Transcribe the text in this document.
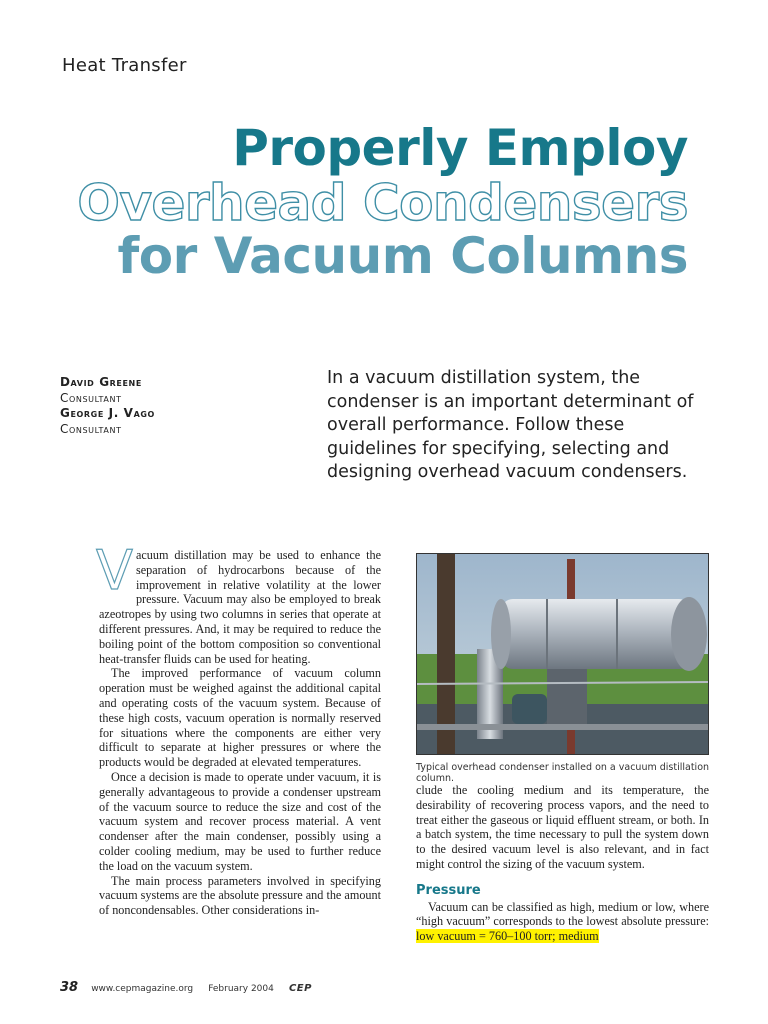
Heat Transfer
Properly Employ
Overhead Condensers
for Vacuum Columns
David Greene
Consultant
George J. Vago
Consultant
In a vacuum distillation system, the condenser is an important determinant of overall performance. Follow these guidelines for specifying, selecting and designing overhead vacuum condensers.

Vacuum distillation may be used to enhance the separation of hydrocarbons because of the improvement in relative volatility at the lower pressure. Vacuum may also be employed to break azeotropes by using two columns in series that operate at different pressures. And, it may be required to reduce the boiling point of the bottom composition so conventional heat-transfer fluids can be used for heating.

The improved performance of vacuum column operation must be weighed against the additional capital and operating costs of the vacuum system. Because of these high costs, vacuum operation is normally reserved for situations where the components are either very difficult to separate at higher pressures or where the products would be degraded at elevated temperatures.

Once a decision is made to operate under vacuum, it is generally advantageous to provide a condenser upstream of the vacuum source to reduce the size and cost of the vacuum system and recover process material. A vent condenser after the main condenser, possibly using a colder cooling medium, may be used to further reduce the load on the vacuum system.

The main process parameters involved in specifying vacuum systems are the absolute pressure and the amount of noncondensables. Other considerations in-

Typical overhead condenser installed on a vacuum distillation column.

clude the cooling medium and its temperature, the desirability of recovering process vapors, and the need to treat either the gaseous or liquid effluent stream, or both. In a batch system, the time necessary to pull the system down to the desired vacuum level is also relevant, and in fact might control the sizing of the vacuum system.

Pressure

Vacuum can be classified as high, medium or low, where “high vacuum” corresponds to the lowest absolute pressure: low vacuum = 760–100 torr; medium

38 www.cepmagazine.org February 2004 CEP
